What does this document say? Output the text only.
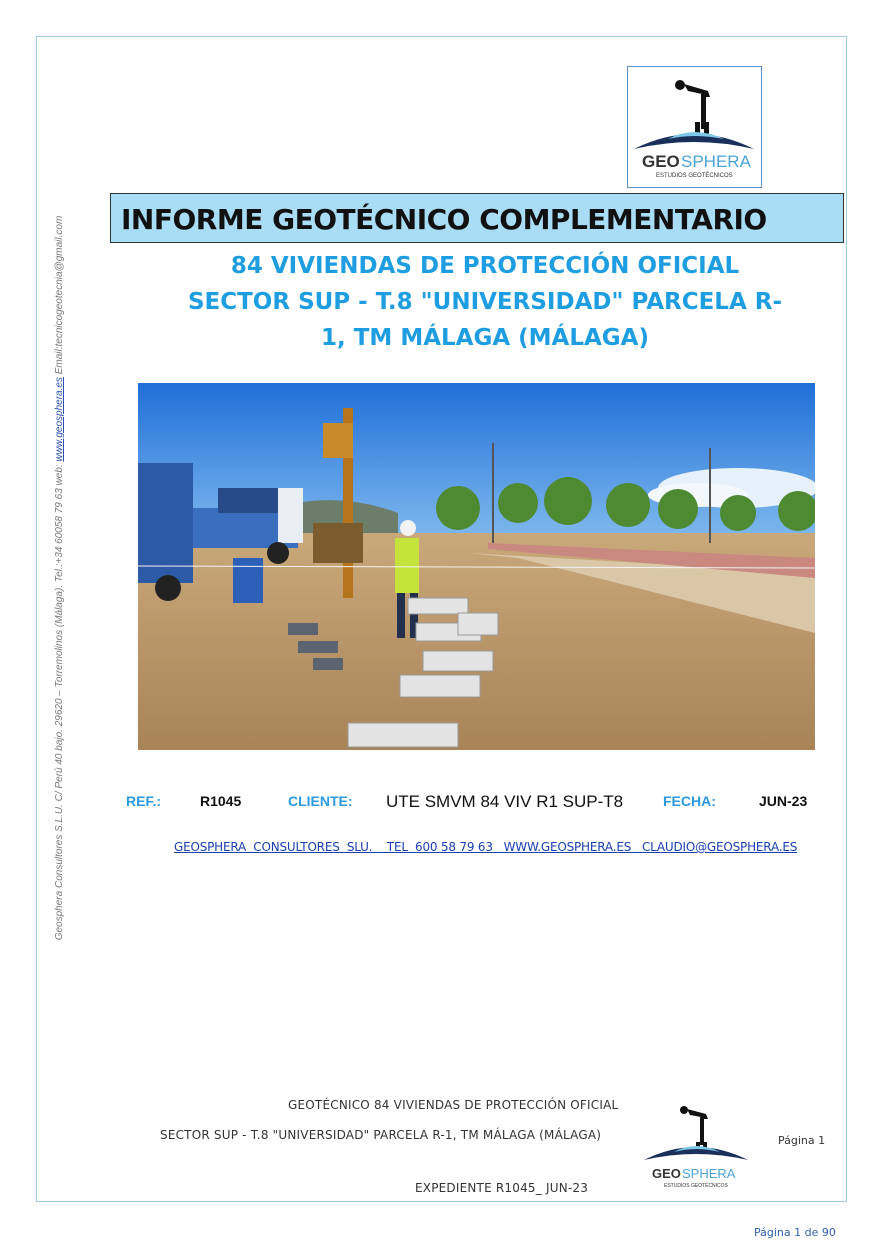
Geosphera Consultores S.L.U. C/ Perú 40 bajo. 29620 – Torremolinos (Málaga). Tel.:+34 60058 79 63 web: www.geosphera.es Email:tecnicogeotecnia@gmail.com
GEO SPHERA
ESTUDIOS GEOTÉCNICOS
INFORME GEOTÉCNICO COMPLEMENTARIO
84 VIVIENDAS DE PROTECCIÓN OFICIAL
SECTOR SUP - T.8 "UNIVERSIDAD" PARCELA R-
1, TM MÁLAGA (MÁLAGA)
REF.:	R1045	CLIENTE: UTE SMVM 84 VIV R1 SUP-T8	FECHA:	JUN-23
GEOSPHERA  CONSULTORES  SLU.    TEL  600 58 79 63   WWW.GEOSPHERA.ES   CLAUDIO@GEOSPHERA.ES
GEOTÉCNICO 84 VIVIENDAS DE PROTECCIÓN OFICIAL
SECTOR SUP - T.8 "UNIVERSIDAD" PARCELA R-1, TM MÁLAGA (MÁLAGA)
EXPEDIENTE R1045_ JUN-23
Página 1
GEO SPHERA
ESTUDIOS GEOTÉCNICOS
Página 1 de 90
